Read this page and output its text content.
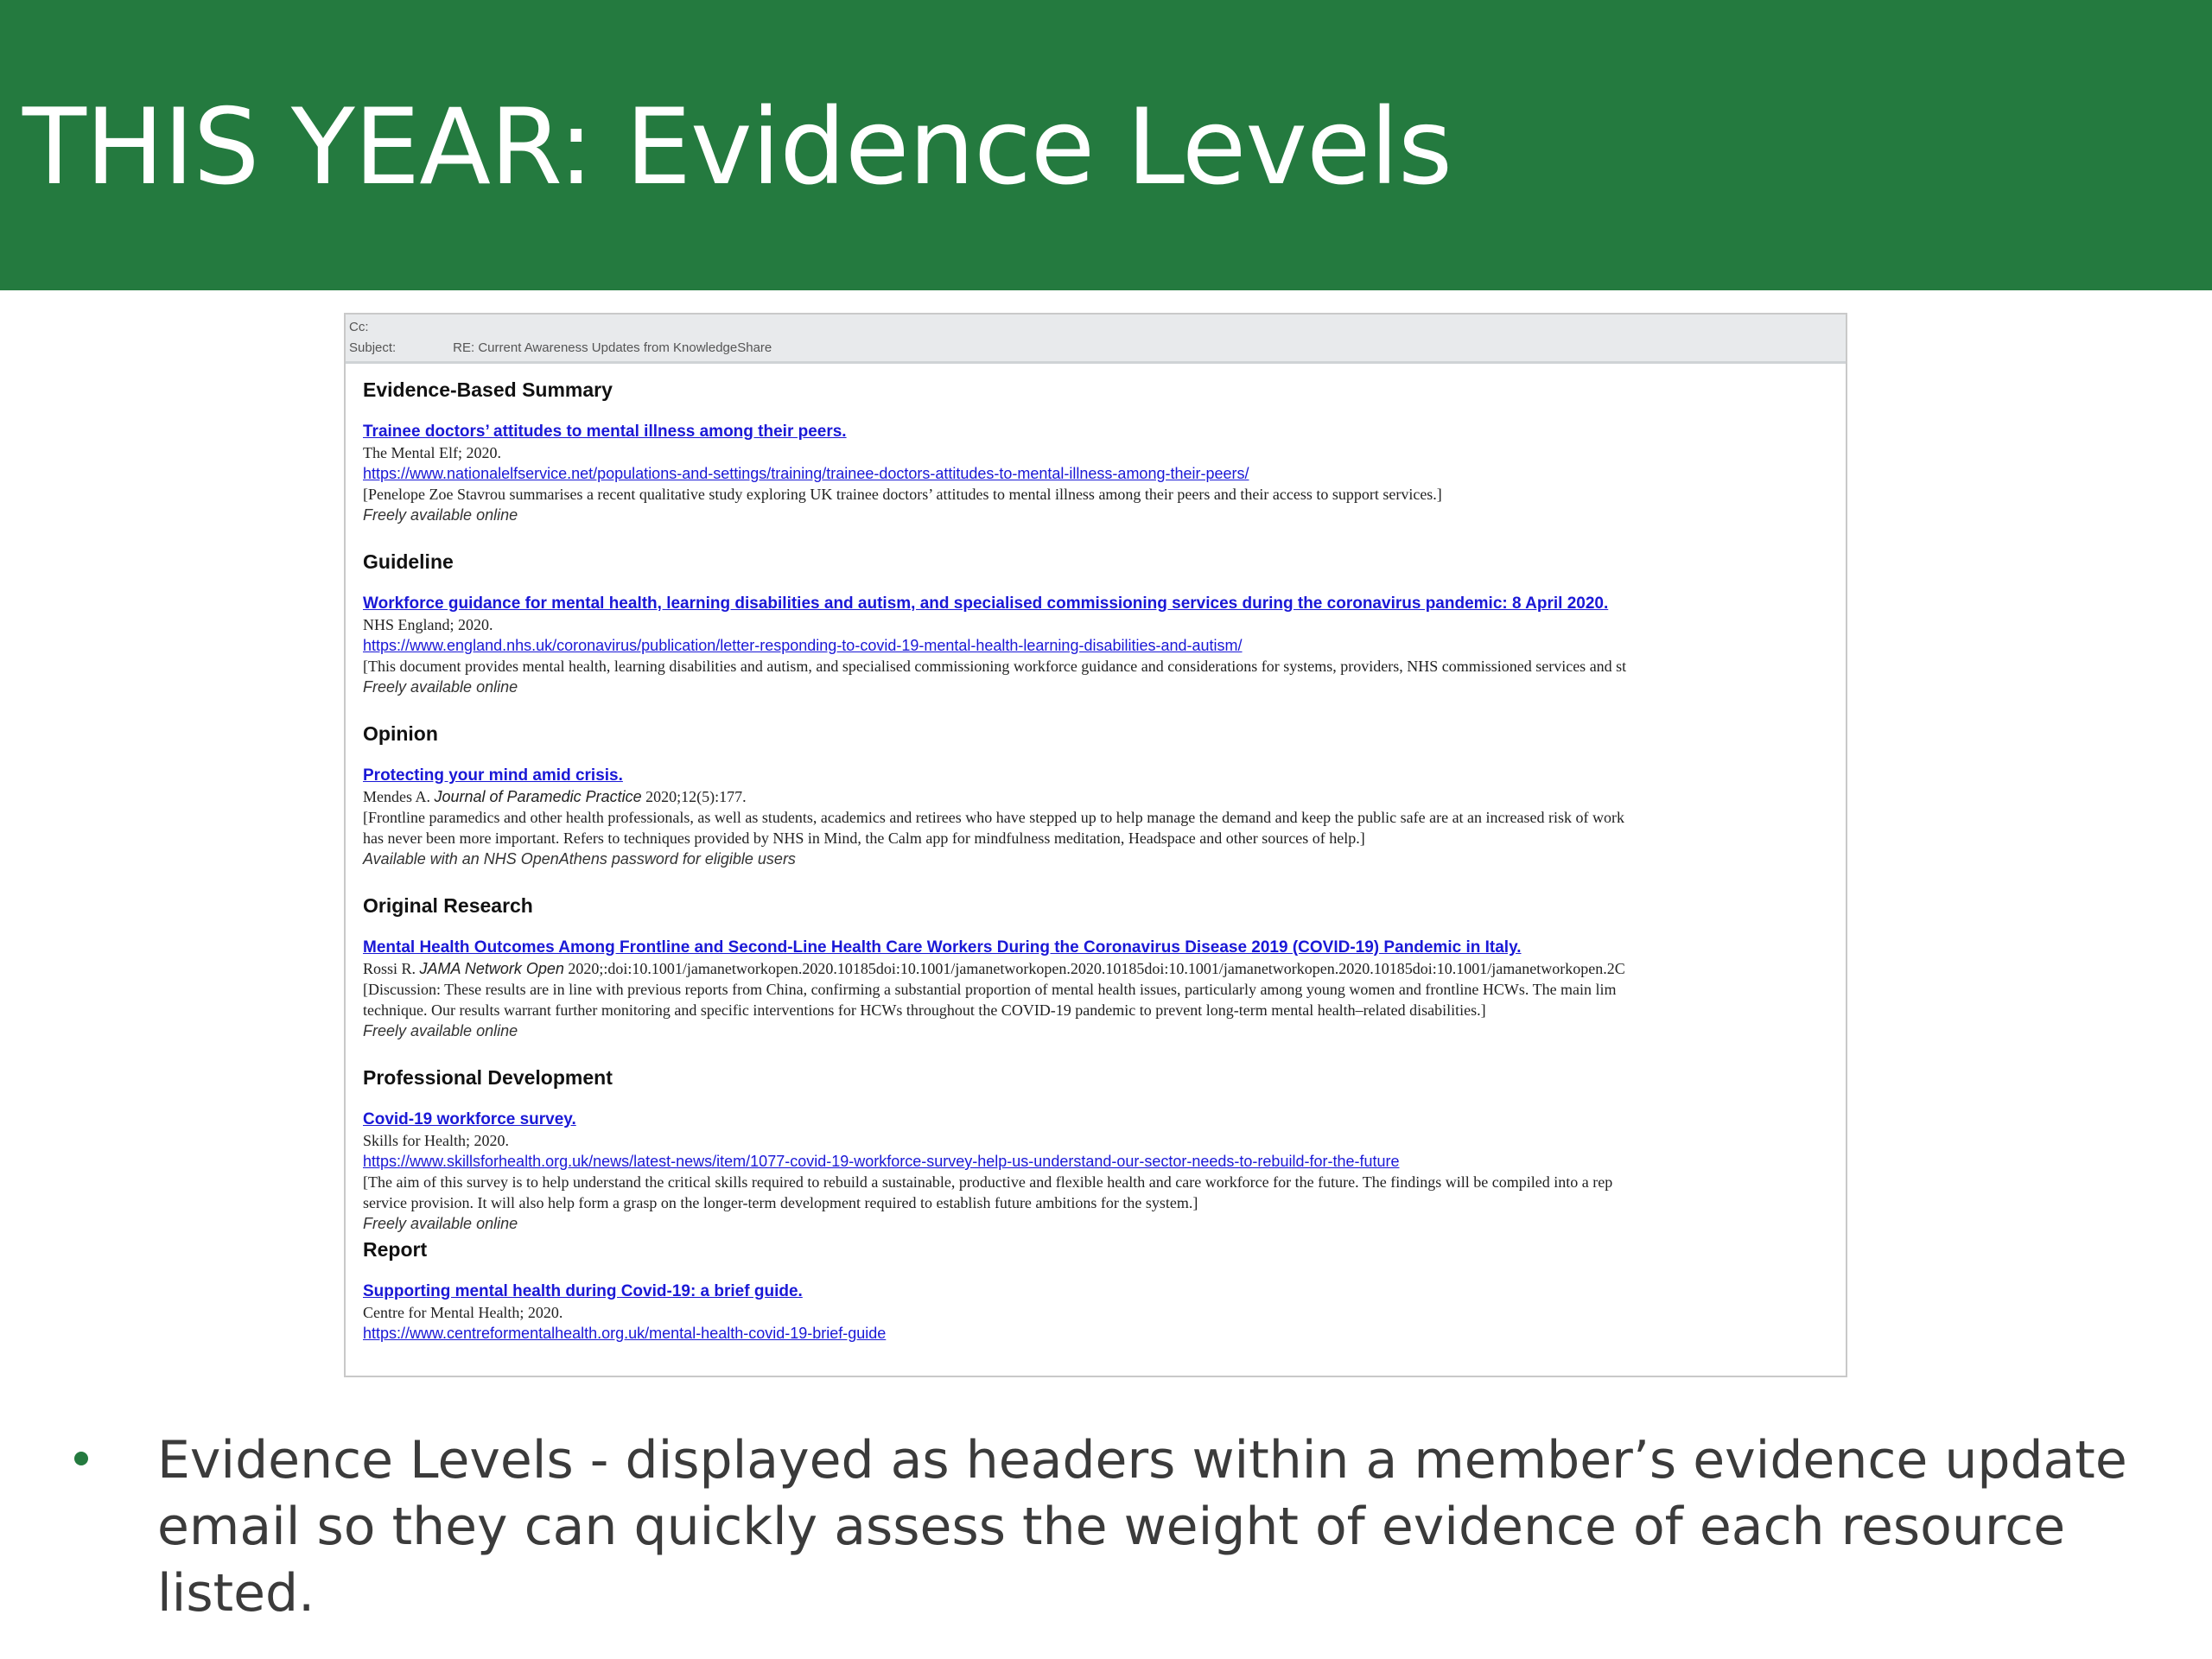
THIS YEAR: Evidence Levels
Cc:
Subject:	RE: Current Awareness Updates from KnowledgeShare
Evidence-Based Summary
Trainee doctors’ attitudes to mental illness among their peers.
The Mental Elf; 2020.
https://www.nationalelfservice.net/populations-and-settings/training/trainee-doctors-attitudes-to-mental-illness-among-their-peers/
[Penelope Zoe Stavrou summarises a recent qualitative study exploring UK trainee doctors’ attitudes to mental illness among their peers and their access to support services.]
Freely available online
Guideline
Workforce guidance for mental health, learning disabilities and autism, and specialised commissioning services during the coronavirus pandemic: 8 April 2020.
NHS England; 2020.
https://www.england.nhs.uk/coronavirus/publication/letter-responding-to-covid-19-mental-health-learning-disabilities-and-autism/
[This document provides mental health, learning disabilities and autism, and specialised commissioning workforce guidance and considerations for systems, providers, NHS commissioned services and st
Freely available online
Opinion
Protecting your mind amid crisis.
Mendes A. Journal of Paramedic Practice 2020;12(5):177.
[Frontline paramedics and other health professionals, as well as students, academics and retirees who have stepped up to help manage the demand and keep the public safe are at an increased risk of work
has never been more important. Refers to techniques provided by NHS in Mind, the Calm app for mindfulness meditation, Headspace and other sources of help.]
Available with an NHS OpenAthens password for eligible users
Original Research
Mental Health Outcomes Among Frontline and Second-Line Health Care Workers During the Coronavirus Disease 2019 (COVID-19) Pandemic in Italy.
Rossi R. JAMA Network Open 2020;:doi:10.1001/jamanetworkopen.2020.10185doi:10.1001/jamanetworkopen.2020.10185doi:10.1001/jamanetworkopen.2020.10185doi:10.1001/jamanetworkopen.2C
[Discussion: These results are in line with previous reports from China, confirming a substantial proportion of mental health issues, particularly among young women and frontline HCWs. The main lim
technique. Our results warrant further monitoring and specific interventions for HCWs throughout the COVID-19 pandemic to prevent long-term mental health–related disabilities.]
Freely available online
Professional Development
Covid-19 workforce survey.
Skills for Health; 2020.
https://www.skillsforhealth.org.uk/news/latest-news/item/1077-covid-19-workforce-survey-help-us-understand-our-sector-needs-to-rebuild-for-the-future
[The aim of this survey is to help understand the critical skills required to rebuild a sustainable, productive and flexible health and care workforce for the future. The findings will be compiled into a rep
service provision. It will also help form a grasp on the longer-term development required to establish future ambitions for the system.]
Freely available online
Report
Supporting mental health during Covid-19: a brief guide.
Centre for Mental Health; 2020.
https://www.centreformentalhealth.org.uk/mental-health-covid-19-brief-guide
Evidence Levels - displayed as headers within a member’s evidence update email so they can quickly assess the weight of evidence of each resource listed.
